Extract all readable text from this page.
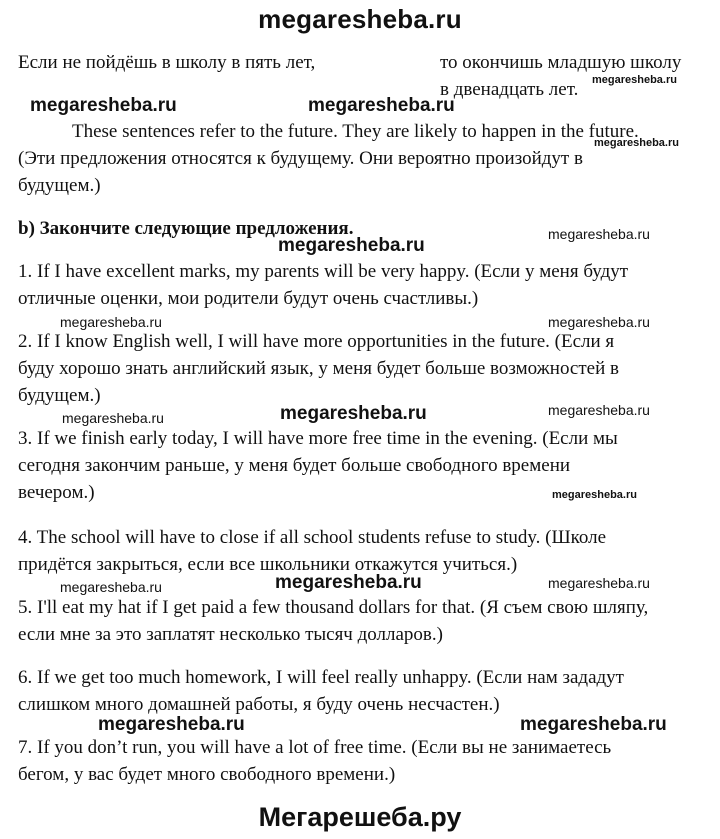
megaresheba.ru
Если не пойдёшь в школу в пять лет,	то окончишь младшую школу
в двенадцать лет.
These sentences refer to the future. They are likely to happen in the future.
(Эти предложения относятся к будущему. Они вероятно произойдут в
будущем.)
b) Закончите следующие предложения.
1. If I have excellent marks, my parents will be very happy. (Если у меня будут
отличные оценки, мои родители будут очень счастливы.)
2. If I know English well, I will have more opportunities in the future. (Если я
буду хорошо знать английский язык, у меня будет больше возможностей в
будущем.)
3. If we finish early today, I will have more free time in the evening. (Если мы
сегодня закончим раньше, у меня будет больше свободного времени
вечером.)
4. The school will have to close if all school students refuse to study. (Школе
придётся закрыться, если все школьники откажутся учиться.)
5. I'll eat my hat if I get paid a few thousand dollars for that. (Я съем свою шляпу,
если мне за это заплатят несколько тысяч долларов.)
6. If we get too much homework, I will feel really unhappy. (Если нам зададут
слишком много домашней работы, я буду очень несчастен.)
7. If you don’t run, you will have a lot of free time. (Если вы не занимаетесь
бегом, у вас будет много свободного времени.)
megaresheba.ru
megaresheba.ru	megaresheba.ru
megaresheba.ru
megaresheba.ru
megaresheba.ru
megaresheba.ru	megaresheba.ru
megaresheba.ru
megaresheba.ru	megaresheba.ru
megaresheba.ru
megaresheba.ru
megaresheba.ru	megaresheba.ru
megaresheba.ru	megaresheba.ru
Мегарешеба.ру
